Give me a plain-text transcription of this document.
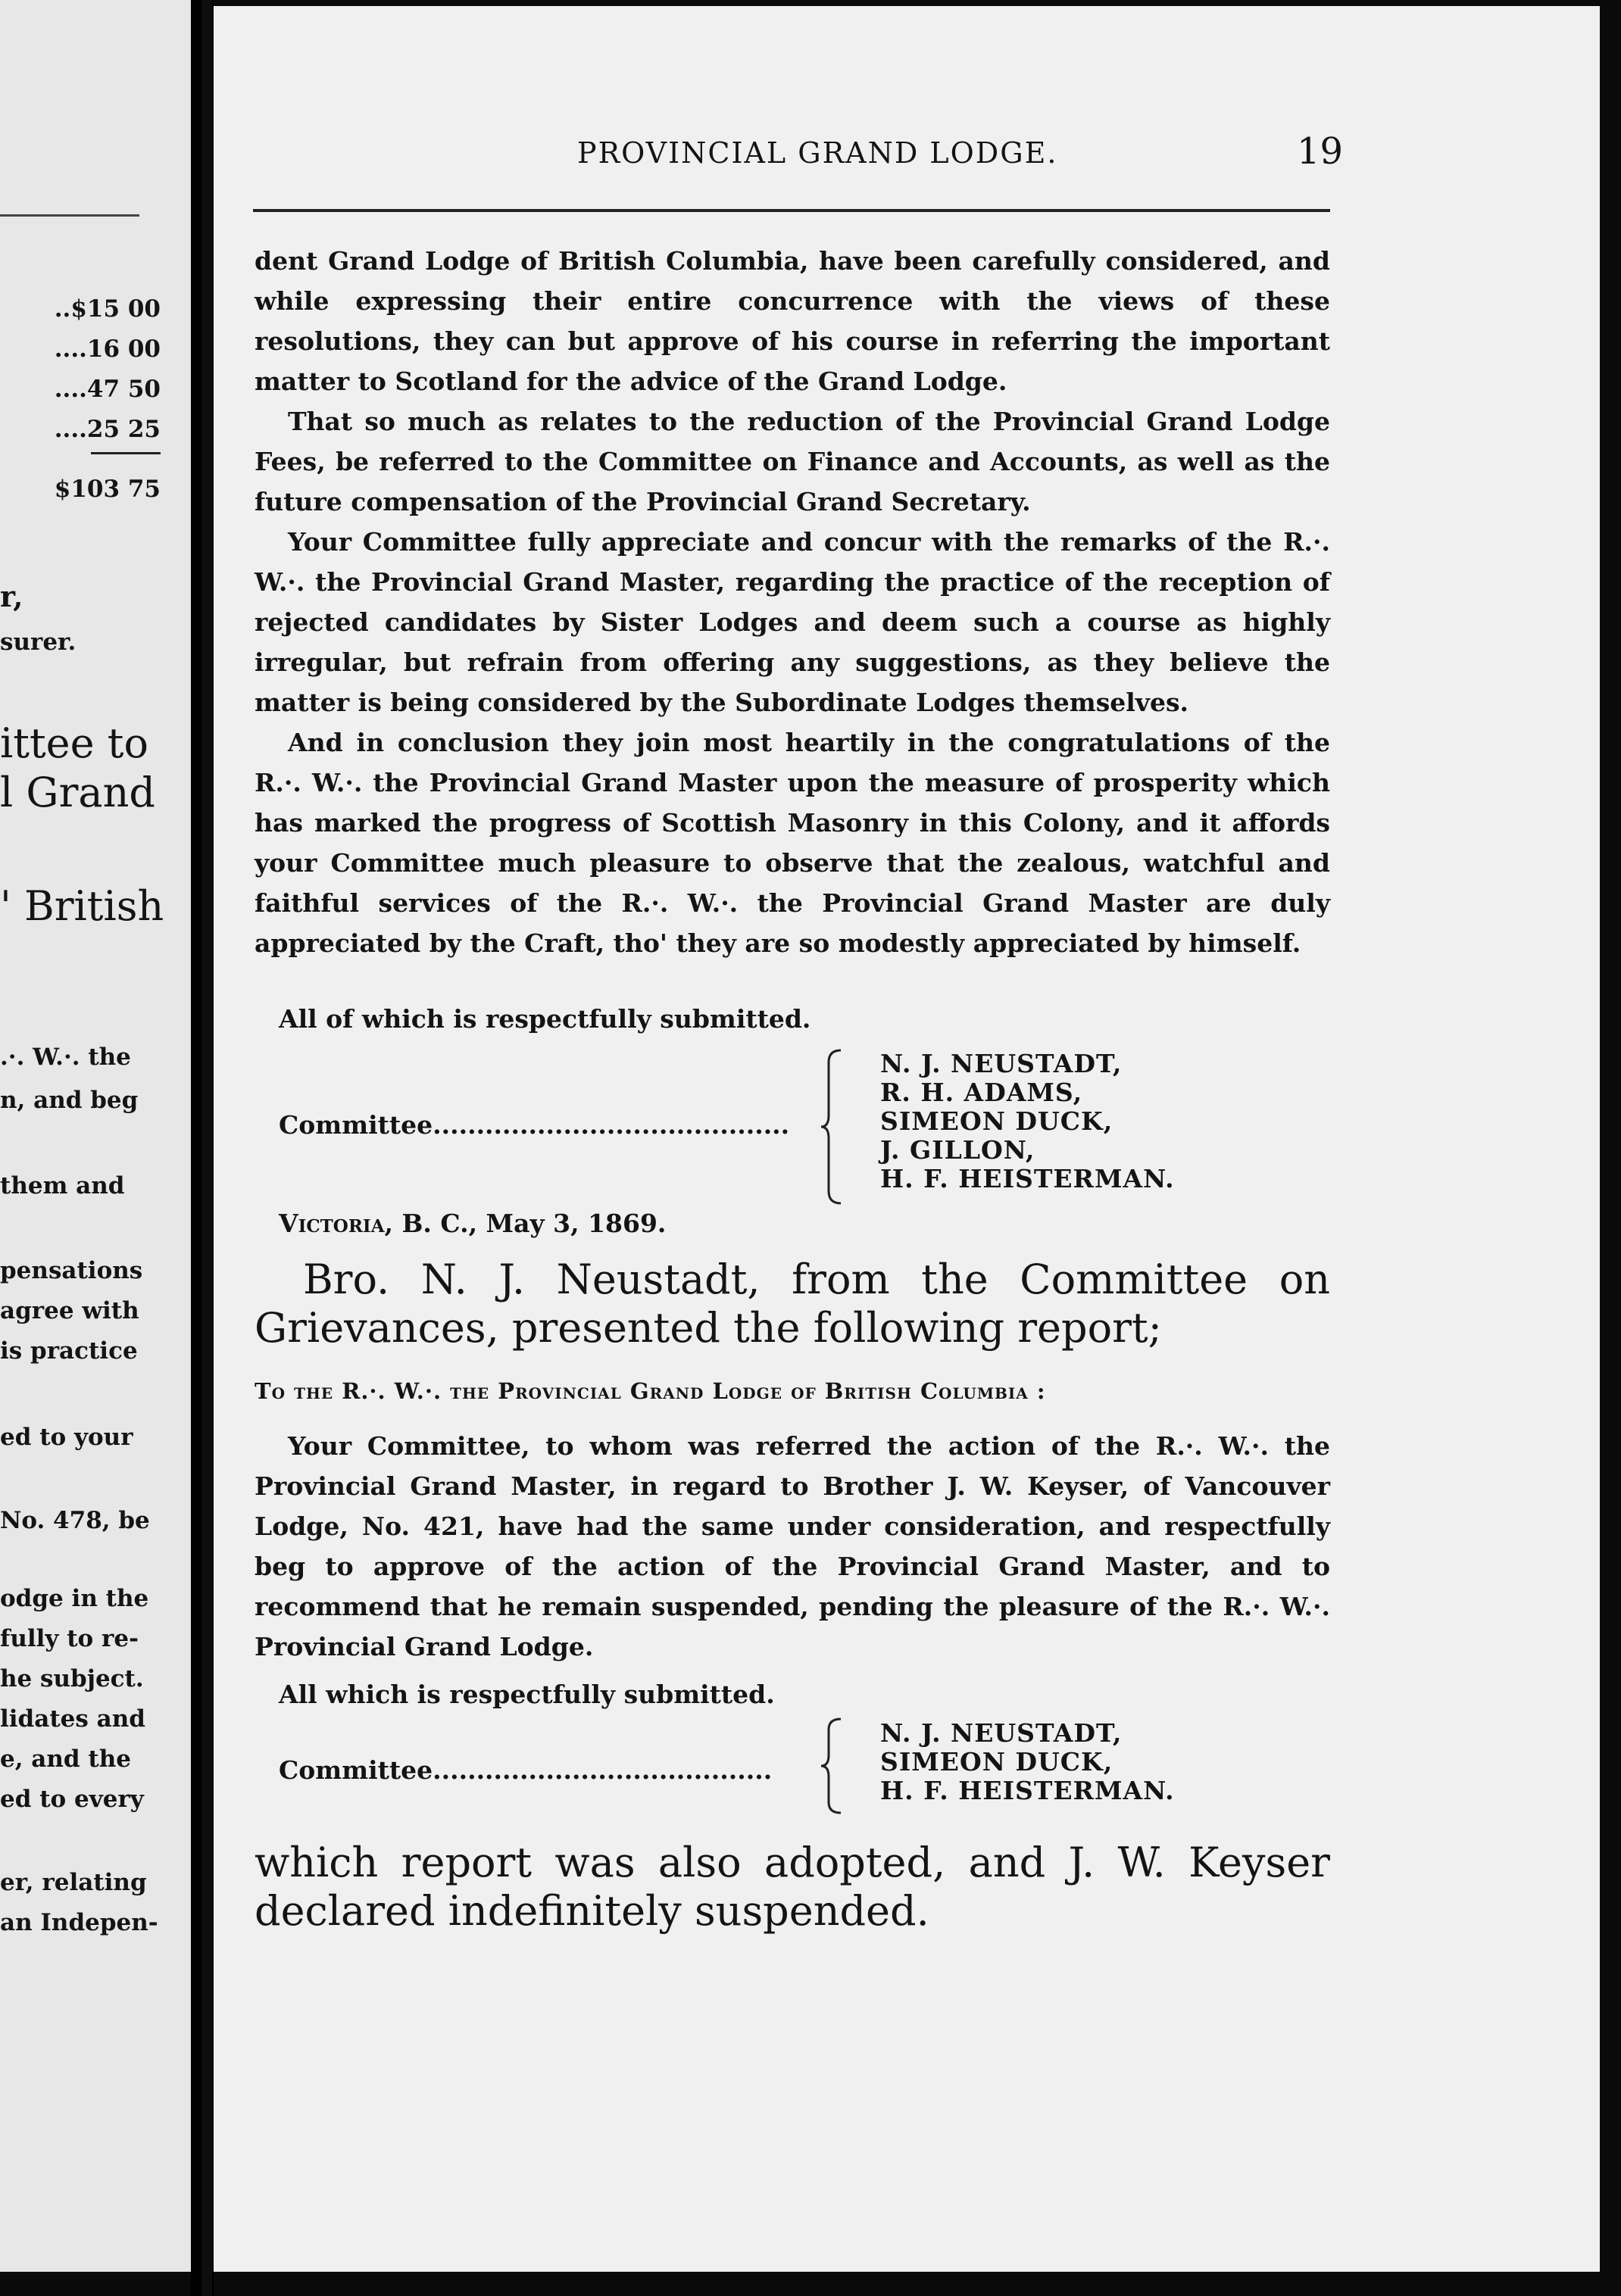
..$15 00
....16 00
....47 50
....25 25
$103 75
r,
surer.
ittee to
l Grand
' British
.·. W.·. the
n, and beg
them and
pensations
agree with
is practice
ed to your
No. 478, be
odge in the
fully to re-
he subject.
lidates and
e, and the
ed to every
er, relating
an Indepen-
PROVINCIAL GRAND LODGE.	19

dent Grand Lodge of British Columbia, have been carefully considered, and while expressing their entire concurrence with the views of these resolutions, they can but approve of his course in referring the important matter to Scotland for the advice of the Grand Lodge.

That so much as relates to the reduction of the Provincial Grand Lodge Fees, be referred to the Committee on Finance and Accounts, as well as the future compensation of the Provincial Grand Secretary.

Your Committee fully appreciate and concur with the remarks of the R.·. W.·. the Provincial Grand Master, regarding the practice of the reception of rejected candidates by Sister Lodges and deem such a course as highly irregular, but refrain from offering any suggestions, as they believe the matter is being considered by the Subordinate Lodges themselves.

And in conclusion they join most heartily in the congratulations of the R.·. W.·. the Provincial Grand Master upon the measure of prosperity which has marked the progress of Scottish Masonry in this Colony, and it affords your Committee much pleasure to observe that the zealous, watchful and faithful services of the R.·. W.·. the Provincial Grand Master are duly appreciated by the Craft, tho' they are so modestly appreciated by himself.

All of which is respectfully submitted.
Committee.........................................
N. J. NEUSTADT,
R. H. ADAMS,
SIMEON DUCK,
J. GILLON,
H. F. HEISTERMAN.
Victoria, B. C., May 3, 1869.
Bro. N. J. Neustadt, from the Committee on Grievances, presented the following report;
To the R.·. W.·. the Provincial Grand Lodge of British Columbia :

Your Committee, to whom was referred the action of the R.·. W.·. the Provincial Grand Master, in regard to Brother J. W. Keyser, of Vancouver Lodge, No. 421, have had the same under consideration, and respectfully beg to approve of the action of the Provincial Grand Master, and to recommend that he remain suspended, pending the pleasure of the R.·. W.·. Provincial Grand Lodge.

All which is respectfully submitted.
Committee.......................................
N. J. NEUSTADT,
SIMEON DUCK,
H. F. HEISTERMAN.
which report was also adopted, and J. W. Keyser declared indefinitely suspended.
